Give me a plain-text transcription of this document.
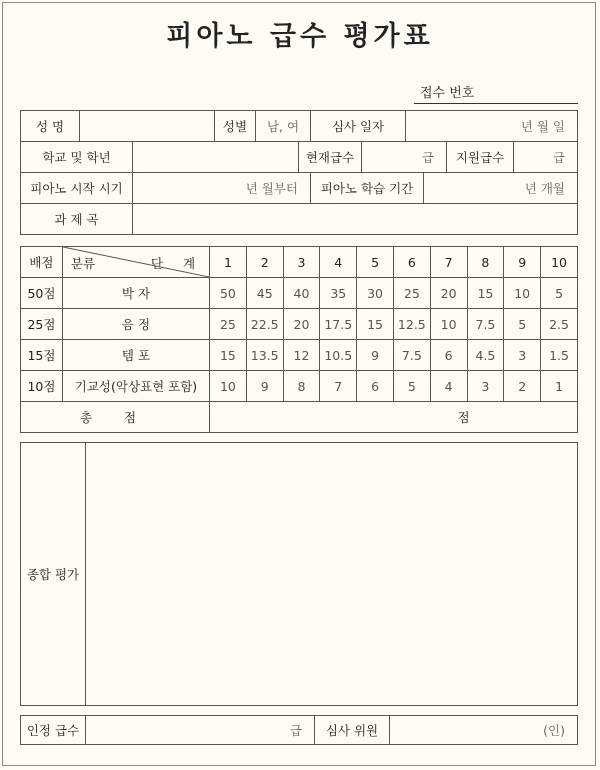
피아노 급수 평가표
접수 번호
성 명		성별	남, 여	심사 일자	년 월 일
학교 및 학년		현재급수	급	지원급수	급
피아노 시작 시기	년 월부터	피아노 학습 기간	년 개월
과 제 곡	
배점	분류 단 계	1	2	3	4	5	6	7	8	9	10
50점	박 자	50	45	40	35	30	25	20	15	10	5
25점	음 정	25	22.5	20	17.5	15	12.5	10	7.5	5	2.5
15점	템 포	15	13.5	12	10.5	9	7.5	6	4.5	3	1.5
10점	기교성(악상표현 포함)	10	9	8	7	6	5	4	3	2	1
총 점		점									
종합 평가	
인정 급수	급	심사 위원	(인)
